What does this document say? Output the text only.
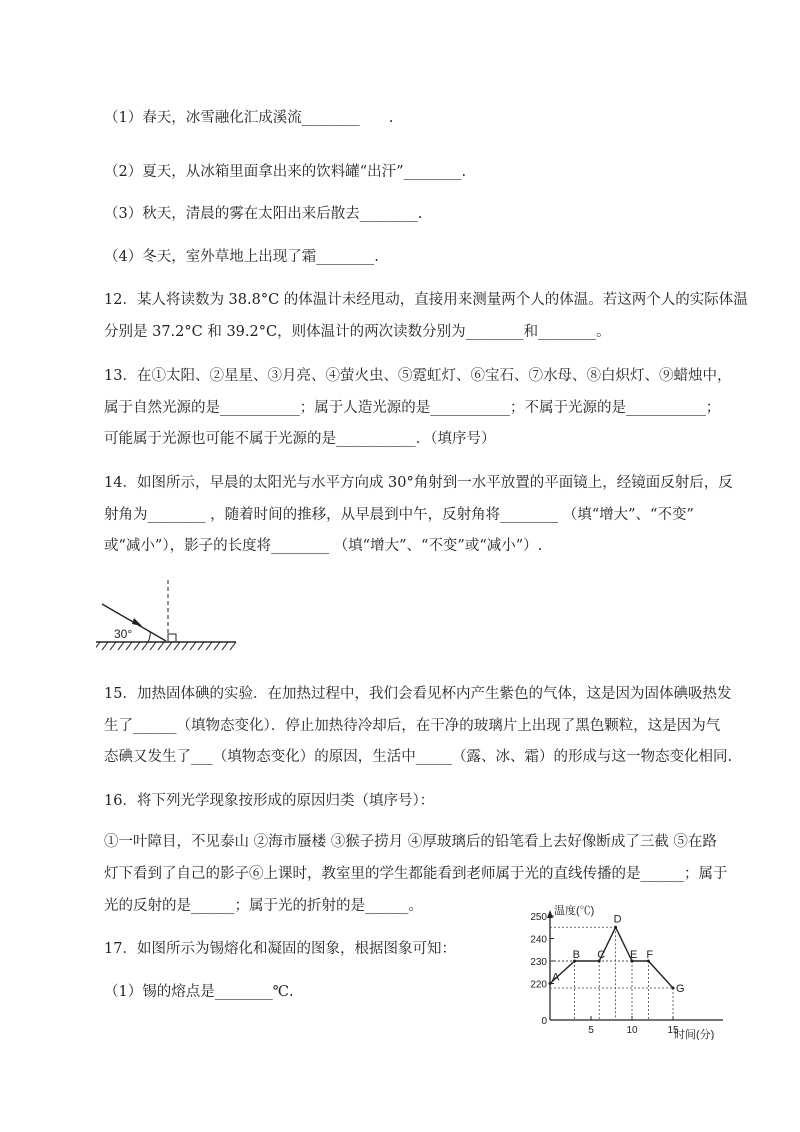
（1）春天，冰雪融化汇成溪流________　　.
（2）夏天，从冰箱里面拿出来的饮料罐“出汗”________.
（3）秋天，清晨的雾在太阳出来后散去________.
（4）冬天，室外草地上出现了霜________.
12．某人将读数为 38.8°C 的体温计未经甩动，直接用来测量两个人的体温。若这两个人的实际体温
分别是 37.2°C 和 39.2°C，则体温计的两次读数分别为________和________。
13．在①太阳、②星星、③月亮、④萤火虫、⑤霓虹灯、⑥宝石、⑦水母、⑧白炽灯、⑨蜡烛中，
属于自然光源的是___________；属于人造光源的是___________；不属于光源的是___________；
可能属于光源也可能不属于光源的是___________．（填序号）
14．如图所示，早晨的太阳光与水平方向成 30°角射到一水平放置的平面镜上，经镜面反射后，反
射角为________ ，随着时间的推移，从早晨到中午，反射角将________ （填“增大”、“不变”
或“减小”），影子的长度将________ （填“增大”、“不变”或“减小”）.
30°
15．加热固体碘的实验．在加热过程中，我们会看见杯内产生紫色的气体，这是因为固体碘吸热发
生了______（填物态变化）．停止加热待冷却后，在干净的玻璃片上出现了黑色颗粒，这是因为气
态碘又发生了___（填物态变化）的原因，生活中_____（露、冰、霜）的形成与这一物态变化相同.
16．将下列光学现象按形成的原因归类（填序号）：
①一叶障目，不见泰山 ②海市蜃楼 ③猴子捞月 ④厚玻璃后的铅笔看上去好像断成了三截 ⑤在路
灯下看到了自己的影子⑥上课时，教室里的学生都能看到老师属于光的直线传播的是______；属于
光的反射的是______；属于光的折射的是______。
17．如图所示为锡熔化和凝固的图象，根据图象可知：
（1）锡的熔点是________℃.
温度(℃)
时间(分)
0
220
230
240
250
5	10	15
A
B C
D
E F
G
